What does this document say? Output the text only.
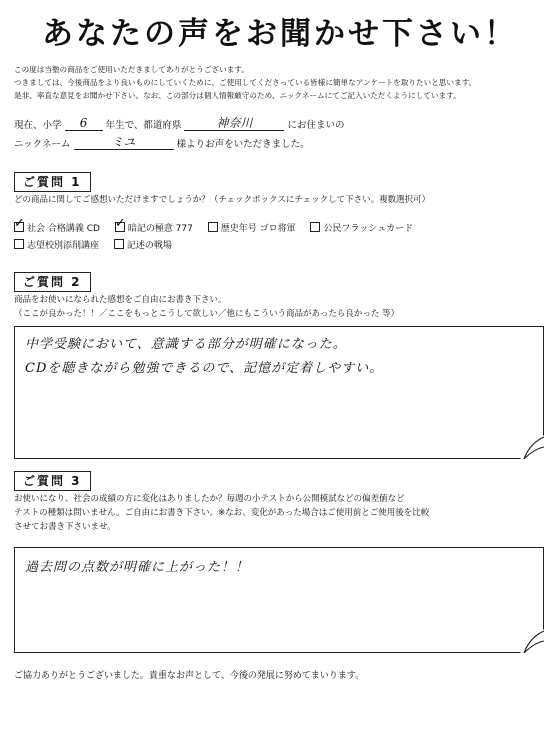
あなたの声をお聞かせ下さい！
この度は当塾の商品をご使用いただきましてありがとうございます。
つきましては、今後商品をより良いものにしていくために、ご使用してくださっている皆様に簡単なアンケートを取りたいと思います。
是非、率直な意見をお聞かせ下さい。なお、この部分は個人情報厳守のため、ニックネームにてご記入いただくようにしています。
現在、小学 6 年生で、都道府県	神奈川	にお住まいの
ニックネーム	ミユ	様よりお声をいただきました。
ご質問 1
どの商品に関してご感想いただけますでしょうか？（チェックボックスにチェックして下さい。複数選択可）
✓社会 合格講義 CD ✓	暗記の極意 777	歴史年号 ゴロ将軍	公民フラッシュカード
志望校別添削講座	記述の戦場
ご質問 2
商品をお使いになられた感想をご自由にお書き下さい。
（ここが良かった！！／ここをもっとこうして欲しい／他にもこういう商品があったら良かった 等）
中学受験において、意識する部分が明確になった。
CDを聴きながら勉強できるので、記憶が定着しやすい。
ご質問 3
お使いになり、社会の成績の方に変化はありましたか？毎週の小テストから公開模試などの偏差値など
テストの種類は問いません。ご自由にお書き下さい。※なお、変化があった場合はご使用前とご使用後を比較
させてお書き下さいませ。
過去問の点数が明確に上がった！！
ご協力ありがとうございました。貴重なお声として、今後の発展に努めてまいります。
